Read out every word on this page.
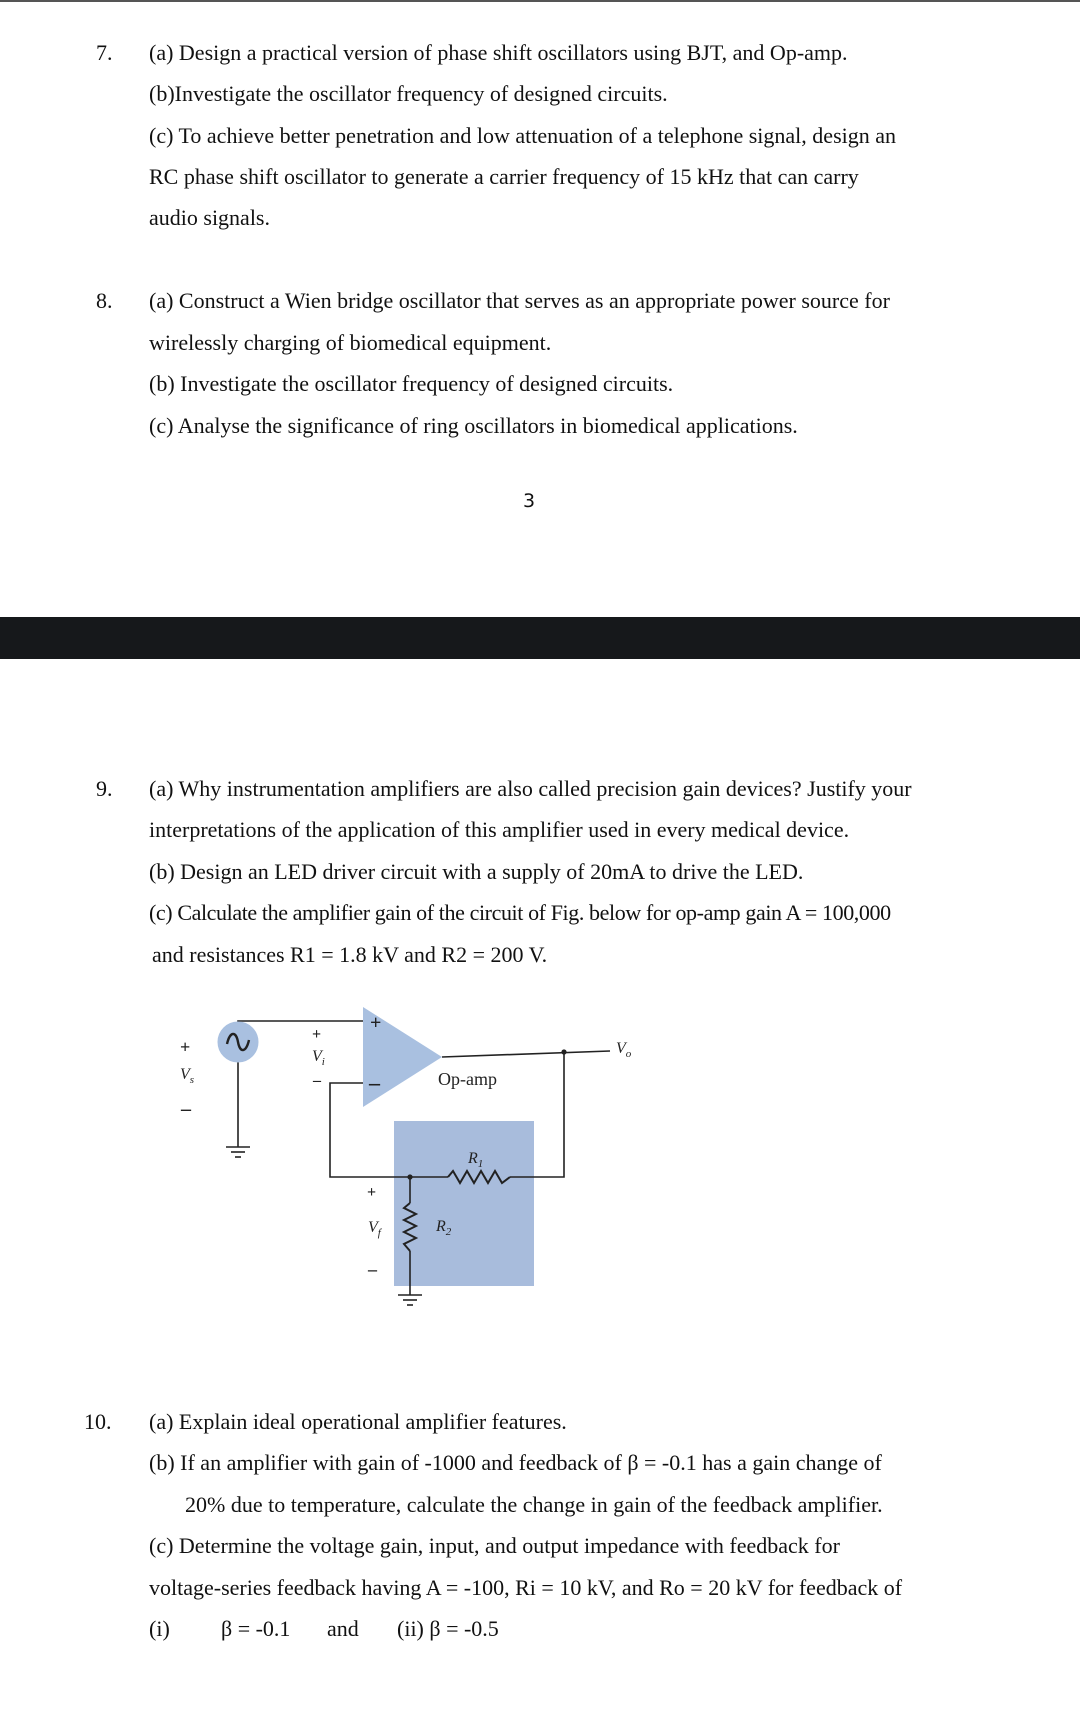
7. (a) Design a practical version of phase shift oscillators using BJT, and Op-amp.
(b)Investigate the oscillator frequency of designed circuits.
(c) To achieve better penetration and low attenuation of a telephone signal, design an
RC phase shift oscillator to generate a carrier frequency of 15 kHz that can carry
audio signals.
8. (a) Construct a Wien bridge oscillator that serves as an appropriate power source for
wirelessly charging of biomedical equipment.
(b) Investigate the oscillator frequency of designed circuits.
(c) Analyse the significance of ring oscillators in biomedical applications.
3
9. (a) Why instrumentation amplifiers are also called precision gain devices? Justify your
interpretations of the application of this amplifier used in every medical device.
(b) Design an LED driver circuit with a supply of 20mA to drive the LED.
(c) Calculate the amplifier gain of the circuit of Fig. below for op-amp gain A = 100,000
and resistances R1 = 1.8 kV and R2 = 200 V.
+
–	Op-amp
+
$V_s$
–
+
$V_i$
–
+
$V_f$
–
$R_1$
$R_2$
$V_o$
10. (a) Explain ideal operational amplifier features.
(b) If an amplifier with gain of -1000 and feedback of β = -0.1 has a gain change of
20% due to temperature, calculate the change in gain of the feedback amplifier.
(c) Determine the voltage gain, input, and output impedance with feedback for
voltage-series feedback having A = -100, Ri = 10 kV, and Ro = 20 kV for feedback of
(i) β = -0.1 and (ii) β = -0.5
